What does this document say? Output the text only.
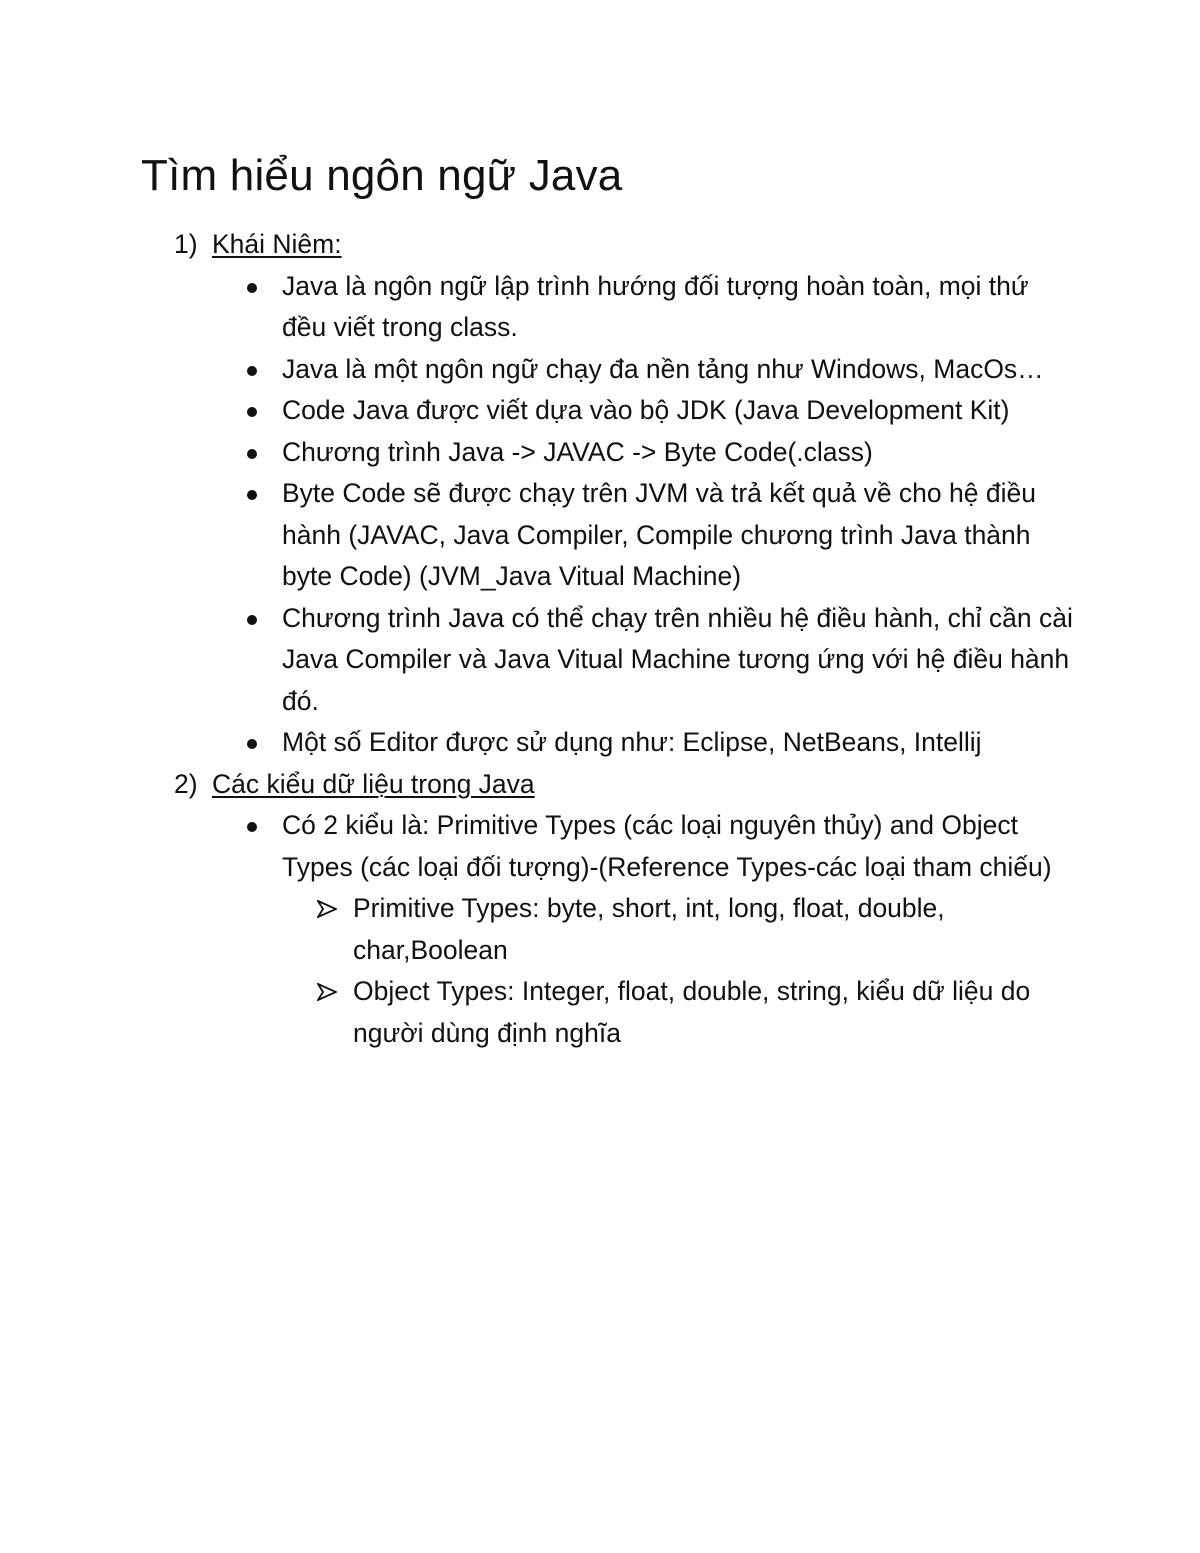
Tìm hiểu ngôn ngữ Java
1) Khái Niêm:
Java là ngôn ngữ lập trình hướng đối tượng hoàn toàn, mọi thứ đều viết trong class.
Java là một ngôn ngữ chạy đa nền tảng như Windows, MacOs…
Code Java được viết dựa vào bộ JDK (Java Development Kit)
Chương trình Java -> JAVAC -> Byte Code(.class)
Byte Code sẽ được chạy trên JVM và trả kết quả về cho hệ điều hành (JAVAC, Java Compiler, Compile chương trình Java thành byte Code) (JVM_Java Vitual Machine)
Chương trình Java có thể chạy trên nhiều hệ điều hành, chỉ cần cài Java Compiler và Java Vitual Machine tương ứng với hệ điều hành đó.
Một số Editor được sử dụng như: Eclipse, NetBeans, Intellij
2) Các kiểu dữ liệu trong Java
Có 2 kiểu là: Primitive Types (các loại nguyên thủy) and Object Types (các loại đối tượng)-(Reference Types-các loại tham chiếu)
Primitive Types: byte, short, int, long, float, double, char,Boolean
Object Types: Integer, float, double, string, kiểu dữ liệu do người dùng định nghĩa
